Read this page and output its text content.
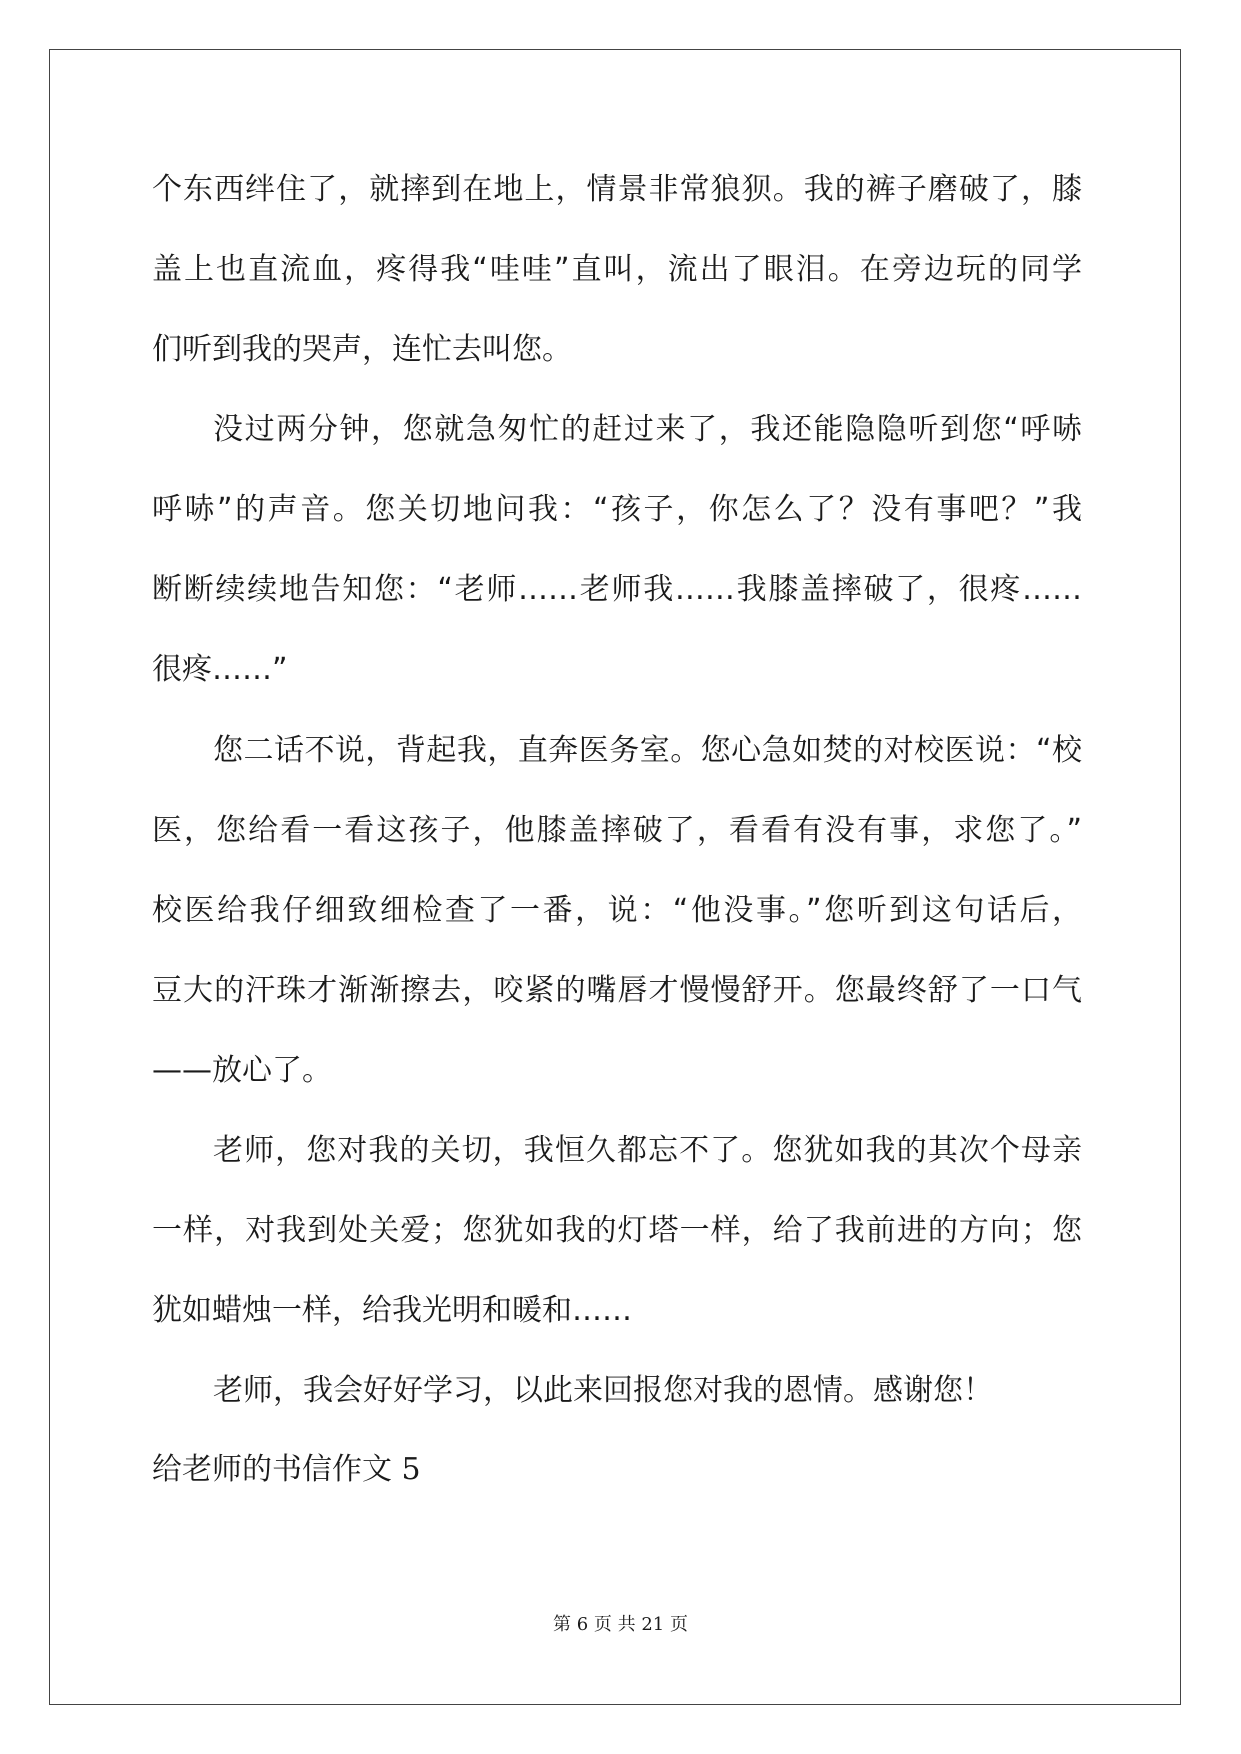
个东西绊住了，就摔到在地上，情景非常狼狈。我的裤子磨破了，膝
盖上也直流血，疼得我“哇哇”直叫，流出了眼泪。在旁边玩的同学
们听到我的哭声，连忙去叫您。
没过两分钟，您就急匆忙的赶过来了，我还能隐隐听到您“呼哧
呼哧”的声音。您关切地问我：“孩子，你怎么了？没有事吧？”我
断断续续地告知您：“老师……老师我……我膝盖摔破了，很疼……
很疼……”
您二话不说，背起我，直奔医务室。您心急如焚的对校医说：“校
医，您给看一看这孩子，他膝盖摔破了，看看有没有事，求您了。”
校医给我仔细致细检查了一番，说：“他没事。”您听到这句话后，
豆大的汗珠才渐渐擦去，咬紧的嘴唇才慢慢舒开。您最终舒了一口气
——放心了。
老师，您对我的关切，我恒久都忘不了。您犹如我的其次个母亲
一样，对我到处关爱；您犹如我的灯塔一样，给了我前进的方向；您
犹如蜡烛一样，给我光明和暖和……
老师，我会好好学习，以此来回报您对我的恩情。感谢您！
给老师的书信作文 5
第 6 页 共 21 页
